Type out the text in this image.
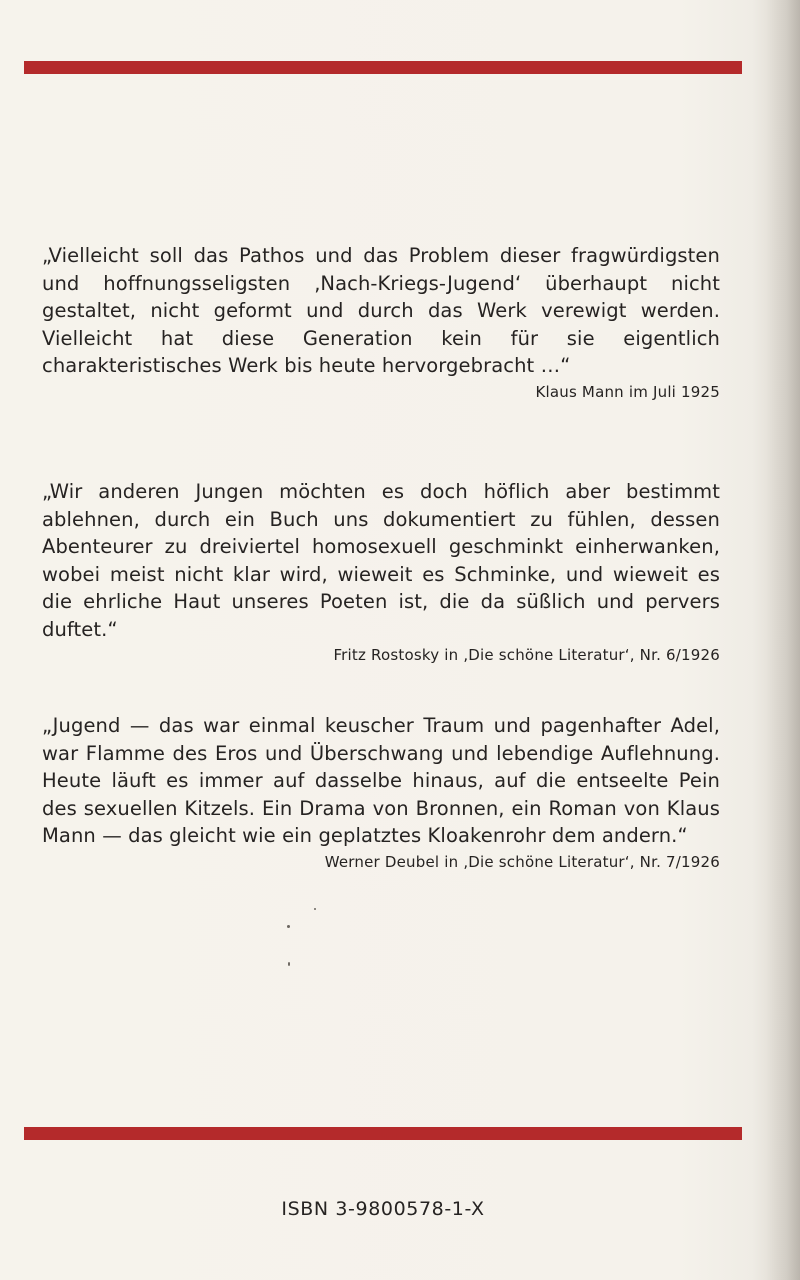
„Vielleicht soll das Pathos und das Problem dieser fragwürdigsten und hoffnungsseligsten ‚Nach-Kriegs-Jugend‘ überhaupt nicht gestaltet, nicht geformt und durch das Werk verewigt werden. Vielleicht hat diese Generation kein für sie eigentlich charakteristisches Werk bis heute hervorgebracht …“
Klaus Mann im Juli 1925
„Wir anderen Jungen möchten es doch höflich aber bestimmt ablehnen, durch ein Buch uns dokumentiert zu fühlen, dessen Abenteurer zu dreiviertel homosexuell geschminkt einherwanken, wobei meist nicht klar wird, wieweit es Schminke, und wieweit es die ehrliche Haut unseres Poeten ist, die da süßlich und pervers duftet.“
Fritz Rostosky in ‚Die schöne Literatur‘, Nr. 6/1926
„Jugend — das war einmal keuscher Traum und pagenhafter Adel, war Flamme des Eros und Überschwang und lebendige Auflehnung. Heute läuft es immer auf dasselbe hinaus, auf die entseelte Pein des sexuellen Kitzels. Ein Drama von Bronnen, ein Roman von Klaus Mann — das gleicht wie ein geplatztes Kloakenrohr dem andern.“
Werner Deubel in ‚Die schöne Literatur‘, Nr. 7/1926
ISBN 3-9800578-1-X
